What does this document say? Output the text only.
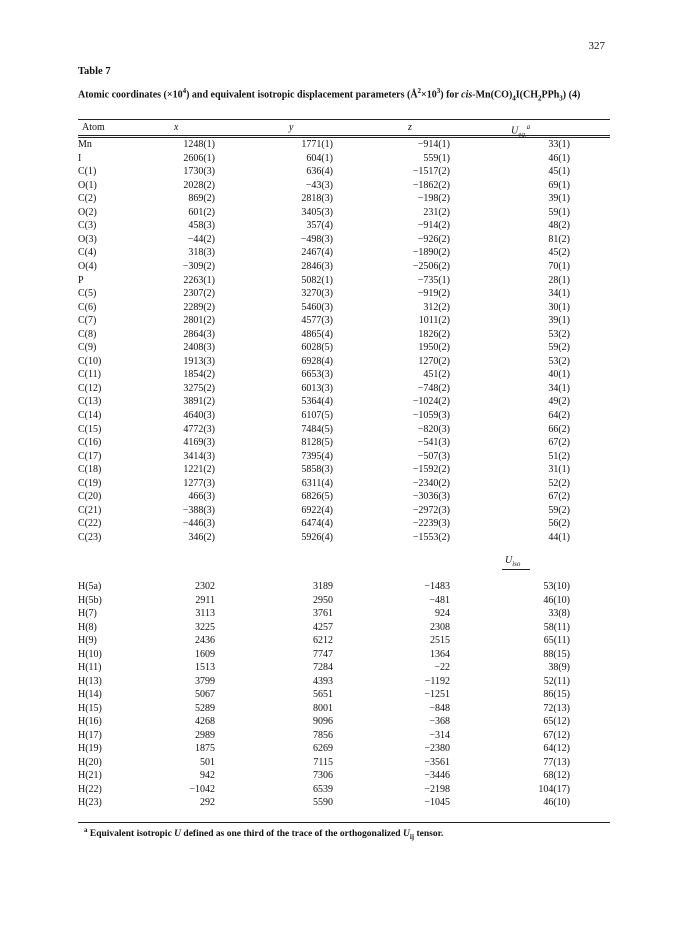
327
Table 7
Atomic coordinates $(\times 10^4)$ and equivalent isotropic displacement parameters $(Å^2\times 10^3)$ for cis-$Mn(CO)_4I(CH_2PPh_3)$ (4)
Atom	x	y	z	$U_{eq.}^a$
Mn	1248(1)	1771(1)	−914(1)	33(1)
I	2606(1)	604(1)	559(1)	46(1)
C(1)	1730(3)	636(4)	−1517(2)	45(1)
O(1)	2028(2)	−43(3)	−1862(2)	69(1)
C(2)	869(2)	2818(3)	−198(2)	39(1)
O(2)	601(2)	3405(3)	231(2)	59(1)
C(3)	458(3)	357(4)	−914(2)	48(2)
O(3)	−44(2)	−498(3)	−926(2)	81(2)
C(4)	318(3)	2467(4)	−1890(2)	45(2)
O(4)	−309(2)	2846(3)	−2506(2)	70(1)
P	2263(1)	5082(1)	−735(1)	28(1)
C(5)	2307(2)	3270(3)	−919(2)	34(1)
C(6)	2289(2)	5460(3)	312(2)	30(1)
C(7)	2801(2)	4577(3)	1011(2)	39(1)
C(8)	2864(3)	4865(4)	1826(2)	53(2)
C(9)	2408(3)	6028(5)	1950(2)	59(2)
C(10)	1913(3)	6928(4)	1270(2)	53(2)
C(11)	1854(2)	6653(3)	451(2)	40(1)
C(12)	3275(2)	6013(3)	−748(2)	34(1)
C(13)	3891(2)	5364(4)	−1024(2)	49(2)
C(14)	4640(3)	6107(5)	−1059(3)	64(2)
C(15)	4772(3)	7484(5)	−820(3)	66(2)
C(16)	4169(3)	8128(5)	−541(3)	67(2)
C(17)	3414(3)	7395(4)	−507(3)	51(2)
C(18)	1221(2)	5858(3)	−1592(2)	31(1)
C(19)	1277(3)	6311(4)	−2340(2)	52(2)
C(20)	466(3)	6826(5)	−3036(3)	67(2)
C(21)	−388(3)	6922(4)	−2972(3)	59(2)
C(22)	−446(3)	6474(4)	−2239(3)	56(2)
C(23)	346(2)	5926(4)	−1553(2)	44(1)
$U_{iso}$
H(5a)	2302	3189	−1483	53(10)
H(5b)	2911	2950	−481	46(10)
H(7)	3113	3761	924	33(8)
H(8)	3225	4257	2308	58(11)
H(9)	2436	6212	2515	65(11)
H(10)	1609	7747	1364	88(15)
H(11)	1513	7284	−22	38(9)
H(13)	3799	4393	−1192	52(11)
H(14)	5067	5651	−1251	86(15)
H(15)	5289	8001	−848	72(13)
H(16)	4268	9096	−368	65(12)
H(17)	2989	7856	−314	67(12)
H(19)	1875	6269	−2380	64(12)
H(20)	501	7115	−3561	77(13)
H(21)	942	7306	−3446	68(12)
H(22)	−1042	6539	−2198	104(17)
H(23)	292	5590	−1045	46(10)
$^a$ Equivalent isotropic U defined as one third of the trace of the orthogonalized $U_{ij}$ tensor.
